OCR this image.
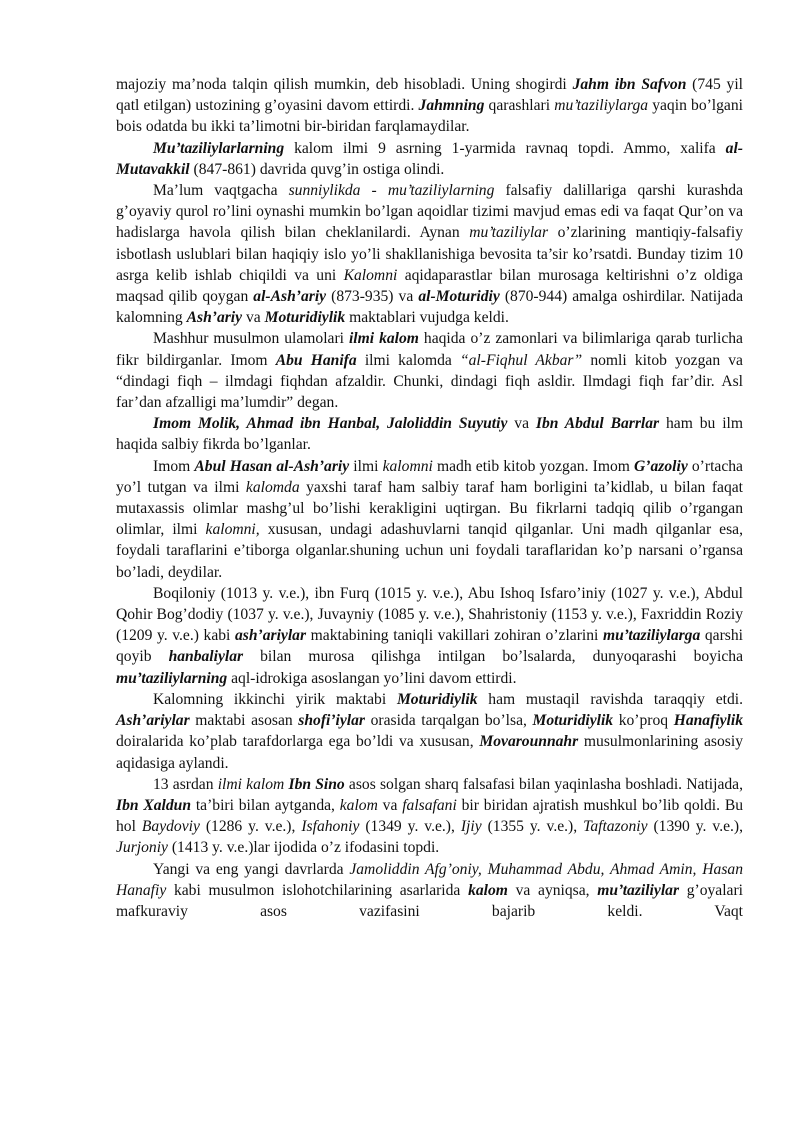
majoziy ma’noda talqin qilish mumkin, deb hisobladi. Uning shogirdi Jahm ibn Safvon (745 yil qatl etilgan) ustozining g’oyasini davom ettirdi. Jahmning qarashlari mu’taziliylarga yaqin bo’lgani bois odatda bu ikki ta’limotni bir-biridan farqlamaydilar.

Mu’taziliylarlarning kalom ilmi 9 asrning 1-yarmida ravnaq topdi. Ammo, xalifa al-Mutavakkil (847-861) davrida quvg’in ostiga olindi.

Ma’lum vaqtgacha sunniylikda - mu’taziliylarning falsafiy dalillariga qarshi kurashda g’oyaviy qurol ro’lini oynashi mumkin bo’lgan aqoidlar tizimi mavjud emas edi va faqat Qur’on va hadislarga havola qilish bilan cheklanilardi. Aynan mu’taziliylar o’zlarining mantiqiy-falsafiy isbotlash uslublari bilan haqiqiy islo yo’li shakllanishiga bevosita ta’sir ko’rsatdi. Bunday tizim 10 asrga kelib ishlab chiqildi va uni Kalomni aqidaparastlar bilan murosaga keltirishni o’z oldiga maqsad qilib qoygan al-Ash’ariy (873-935) va al-Moturidiy (870-944) amalga oshirdilar. Natijada kalomning Ash’ariy va Moturidiylik maktablari vujudga keldi.

Mashhur musulmon ulamolari ilmi kalom haqida o’z zamonlari va bilimlariga qarab turlicha fikr bildirganlar. Imom Abu Hanifa ilmi kalomda “al-Fiqhul Akbar” nomli kitob yozgan va “dindagi fiqh – ilmdagi fiqhdan afzaldir. Chunki, dindagi fiqh asldir. Ilmdagi fiqh far’dir. Asl far’dan afzalligi ma’lumdir” degan.

Imom Molik, Ahmad ibn Hanbal, Jaloliddin Suyutiy va Ibn Abdul Barrlar ham bu ilm haqida salbiy fikrda bo’lganlar.

Imom Abul Hasan al-Ash’ariy ilmi kalomni madh etib kitob yozgan. Imom G’azoliy o’rtacha yo’l tutgan va ilmi kalomda yaxshi taraf ham salbiy taraf ham borligini ta’kidlab, u bilan faqat mutaxassis olimlar mashg’ul bo’lishi kerakligini uqtirgan. Bu fikrlarni tadqiq qilib o’rgangan olimlar, ilmi kalomni, xususan, undagi adashuvlarni tanqid qilganlar. Uni madh qilganlar esa, foydali taraflarini e’tiborga olganlar.shuning uchun uni foydali taraflaridan ko’p narsani o’rgansa bo’ladi, deydilar.

Boqiloniy (1013 y. v.e.), ibn Furq (1015 y. v.e.), Abu Ishoq Isfaro’iniy (1027 y. v.e.), Abdul Qohir Bog’dodiy (1037 y. v.e.), Juvayniy (1085 y. v.e.), Shahristoniy (1153 y. v.e.), Faxriddin Roziy (1209 y. v.e.) kabi ash’ariylar maktabining taniqli vakillari zohiran o’zlarini mu’taziliylarga qarshi qoyib hanbaliylar bilan murosa qilishga intilgan bo’lsalarda, dunyoqarashi boyicha mu’taziliylarning aql-idrokiga asoslangan yo’lini davom ettirdi.

Kalomning ikkinchi yirik maktabi Moturidiylik ham mustaqil ravishda taraqqiy etdi. Ash’ariylar maktabi asosan shofi’iylar orasida tarqalgan bo’lsa, Moturidiylik ko’proq Hanafiylik doiralarida ko’plab tarafdorlarga ega bo’ldi va xususan, Movarounnahr musulmonlarining asosiy aqidasiga aylandi.

13 asrdan ilmi kalom Ibn Sino asos solgan sharq falsafasi bilan yaqinlasha boshladi. Natijada, Ibn Xaldun ta’biri bilan aytganda, kalom va falsafani bir biridan ajratish mushkul bo’lib qoldi. Bu hol Baydoviy (1286 y. v.e.), Isfahoniy (1349 y. v.e.), Ijiy (1355 y. v.e.), Taftazoniy (1390 y. v.e.), Jurjoniy (1413 y. v.e.)lar ijodida o’z ifodasini topdi.

Yangi va eng yangi davrlarda Jamoliddin Afg’oniy, Muhammad Abdu, Ahmad Amin, Hasan Hanafiy kabi musulmon islohotchilarining asarlarida kalom va ayniqsa, mu’taziliylar g’oyalari mafkuraviy asos vazifasini bajarib keldi. Vaqt
